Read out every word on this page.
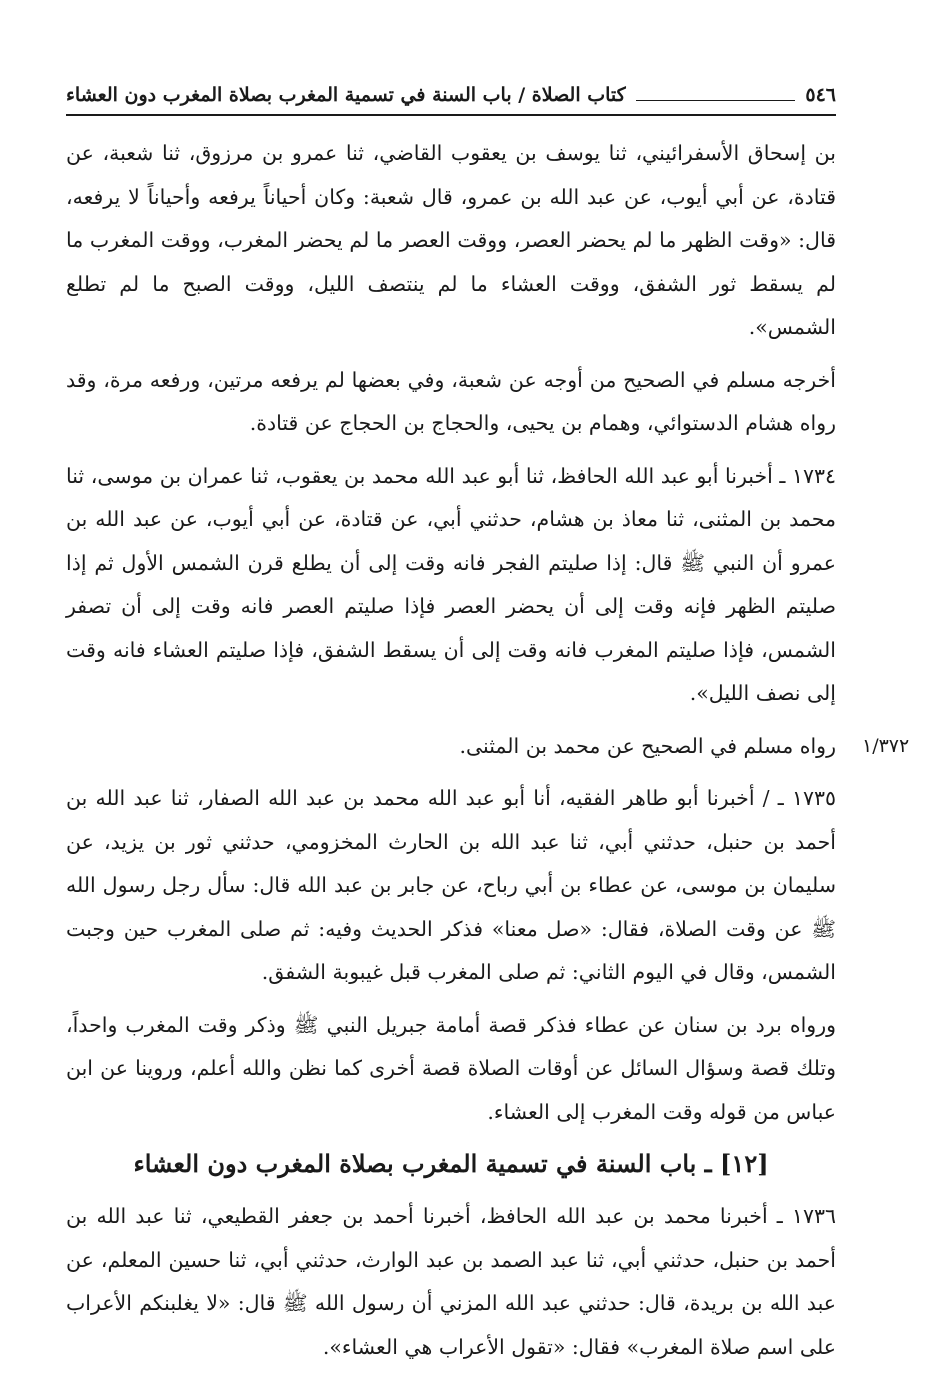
٥٤٦
كتاب الصلاة / باب السنة في تسمية المغرب بصلاة المغرب دون العشاء
١/٣٧٢

بن إسحاق الأسفرائيني، ثنا يوسف بن يعقوب القاضي، ثنا عمرو بن مرزوق، ثنا شعبة، عن قتادة، عن أبي أيوب، عن عبد الله بن عمرو، قال شعبة: وكان أحياناً يرفعه وأحياناً لا يرفعه، قال: «وقت الظهر ما لم يحضر العصر، ووقت العصر ما لم يحضر المغرب، ووقت المغرب ما لم يسقط ثور الشفق، ووقت العشاء ما لم ينتصف الليل، ووقت الصبح ما لم تطلع الشمس».

أخرجه مسلم في الصحيح من أوجه عن شعبة، وفي بعضها لم يرفعه مرتين، ورفعه مرة، وقد رواه هشام الدستوائي، وهمام بن يحيى، والحجاج بن الحجاج عن قتادة.

١٧٣٤ ـ أخبرنا أبو عبد الله الحافظ، ثنا أبو عبد الله محمد بن يعقوب، ثنا عمران بن موسى، ثنا محمد بن المثنى، ثنا معاذ بن هشام، حدثني أبي، عن قتادة، عن أبي أيوب، عن عبد الله بن عمرو أن النبي ﷺ قال: إذا صليتم الفجر فانه وقت إلى أن يطلع قرن الشمس الأول ثم إذا صليتم الظهر فإنه وقت إلى أن يحضر العصر فإذا صليتم العصر فانه وقت إلى أن تصفر الشمس، فإذا صليتم المغرب فانه وقت إلى أن يسقط الشفق، فإذا صليتم العشاء فانه وقت إلى نصف الليل».

رواه مسلم في الصحيح عن محمد بن المثنى.

١٧٣٥ ـ / أخبرنا أبو طاهر الفقيه، أنا أبو عبد الله محمد بن عبد الله الصفار، ثنا عبد الله بن أحمد بن حنبل، حدثني أبي، ثنا عبد الله بن الحارث المخزومي، حدثني ثور بن يزيد، عن سليمان بن موسى، عن عطاء بن أبي رباح، عن جابر بن عبد الله قال: سأل رجل رسول الله ﷺ عن وقت الصلاة، فقال: «صل معنا» فذكر الحديث وفيه: ثم صلى المغرب حين وجبت الشمس، وقال في اليوم الثاني: ثم صلى المغرب قبل غيبوبة الشفق.

ورواه برد بن سنان عن عطاء فذكر قصة أمامة جبريل النبي ﷺ وذكر وقت المغرب واحداً، وتلك قصة وسؤال السائل عن أوقات الصلاة قصة أخرى كما نظن والله أعلم، وروينا عن ابن عباس من قوله وقت المغرب إلى العشاء.

[١٢] ـ باب السنة في تسمية المغرب بصلاة المغرب دون العشاء

١٧٣٦ ـ أخبرنا محمد بن عبد الله الحافظ، أخبرنا أحمد بن جعفر القطيعي، ثنا عبد الله بن أحمد بن حنبل، حدثني أبي، ثنا عبد الصمد بن عبد الوارث، حدثني أبي، ثنا حسين المعلم، عن عبد الله بن بريدة، قال: حدثني عبد الله المزني أن رسول الله ﷺ قال: «لا يغلبنكم الأعراب على اسم صلاة المغرب» فقال: «تقول الأعراب هي العشاء».
